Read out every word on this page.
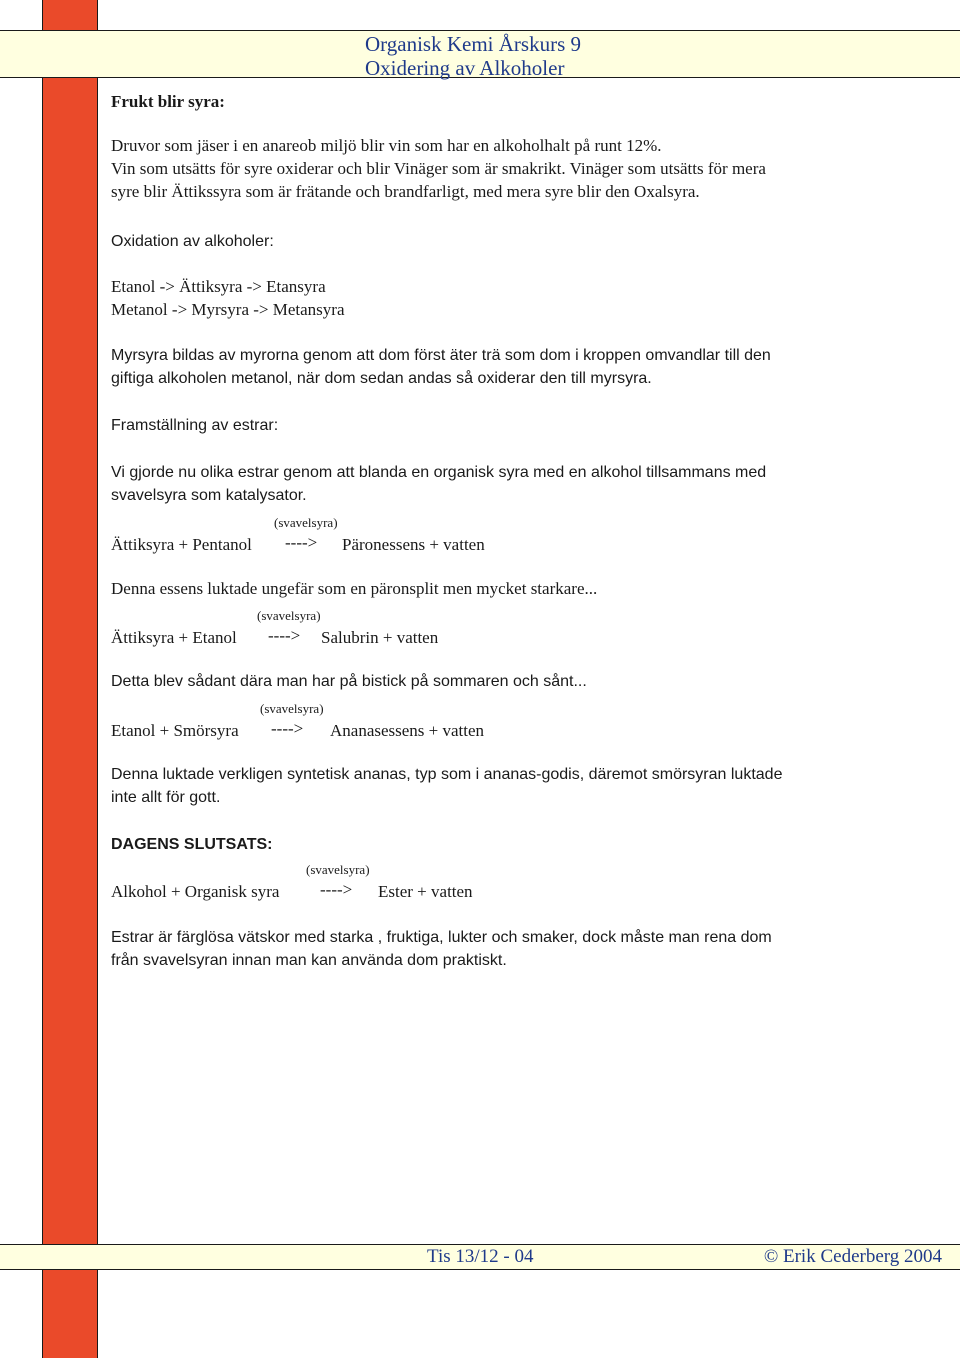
Organisk Kemi Årskurs 9
Oxidering av Alkoholer
Frukt blir syra:
Druvor som jäser i en anareob miljö blir vin som har en alkoholhalt på runt 12%.
Vin som utsätts för syre oxiderar och blir Vinäger som är smakrikt. Vinäger som utsätts för mera
syre blir Ättikssyra som är frätande och brandfarligt, med mera syre blir den Oxalsyra.
Oxidation av alkoholer:
Etanol -> Ättiksyra -> Etansyra
Metanol -> Myrsyra -> Metansyra
Myrsyra bildas av myrorna genom att dom först äter trä som dom i kroppen omvandlar till den
giftiga alkoholen metanol, när dom sedan andas så oxiderar den till myrsyra.
Framställning av estrar:
Vi gjorde nu olika estrar genom att blanda en organisk syra med en alkohol tillsammans med
svavelsyra som katalysator.
Ättiksyra + Pentanol
(svavelsyra)
----> Päronessens + vatten
Denna essens luktade ungefär som en päronsplit men mycket starkare...
Ättiksyra + Etanol
(svavelsyra)
----> Salubrin + vatten
Detta blev sådant dära man har på bistick på sommaren och sånt...
Etanol + Smörsyra
(svavelsyra)
----> Ananasessens + vatten
Denna luktade verkligen syntetisk ananas, typ som i ananas-godis, däremot smörsyran luktade
inte allt för gott.
DAGENS SLUTSATS:
Alkohol + Organisk syra
(svavelsyra)
----> Ester + vatten
Estrar är färglösa vätskor med starka , fruktiga, lukter och smaker, dock måste man rena dom
från svavelsyran innan man kan använda dom praktiskt.
Tis 13/12 - 04	© Erik Cederberg 2004
